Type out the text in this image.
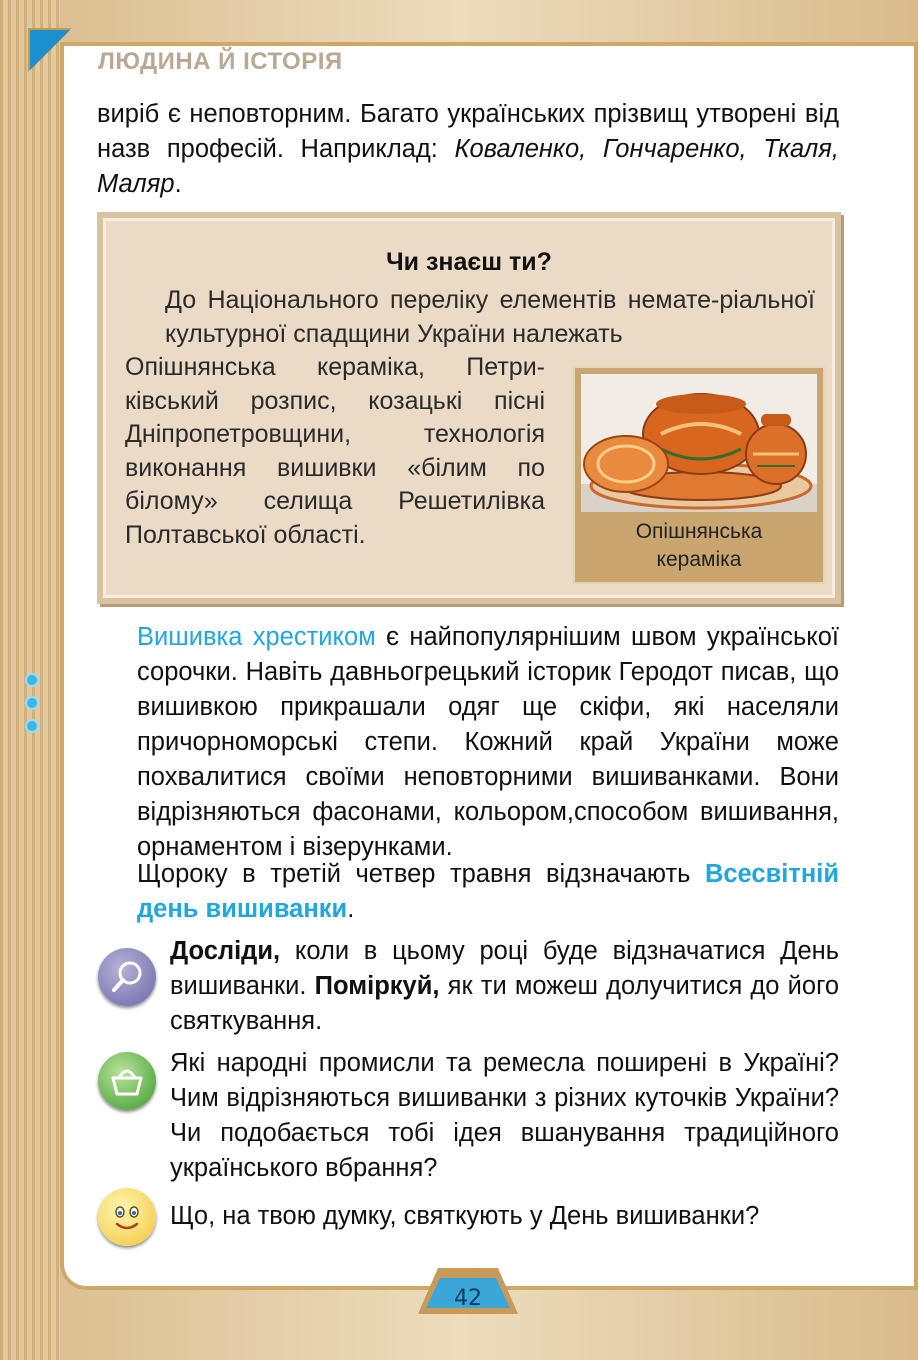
ЛЮДИНА Й ІСТОРІЯ
виріб є неповторним. Багато українських прізвищ утворені від назв професій. Наприклад: Коваленко, Гончаренко, Ткаля, Маляр.
Чи знаєш ти?
До Національного переліку елементів немате-ріальної культурної спадщини України належать
Опішнянська кераміка, Петри-ківський розпис, козацькі пісні Дніпропетровщини, технологія виконання вишивки «білим по білому» селища Решетилівка Полтавської області.	Опішнянська
кераміка
Вишивка хрестиком є найпопулярнішим швом української сорочки. Навіть давньогрецький історик Геродот писав, що вишивкою прикрашали одяг ще скіфи, які населяли причорноморські степи. Кожний край України може похвалитися своїми неповторними вишиванками. Вони відрізняються фасонами, кольором,способом вишивання, орнаментом і візерунками.
Щороку в третій четвер травня відзначають Всесвітній день вишиванки.
Досліди, коли в цьому році буде відзначатися День вишиванки. Поміркуй, як ти можеш долучитися до його святкування.
Які народні промисли та ремесла поширені в Україні? Чим відрізняються вишиванки з різних куточків України? Чи подобається тобі ідея вшанування традиційного українського вбрання?
Що, на твою думку, святкують у День вишиванки?
42
